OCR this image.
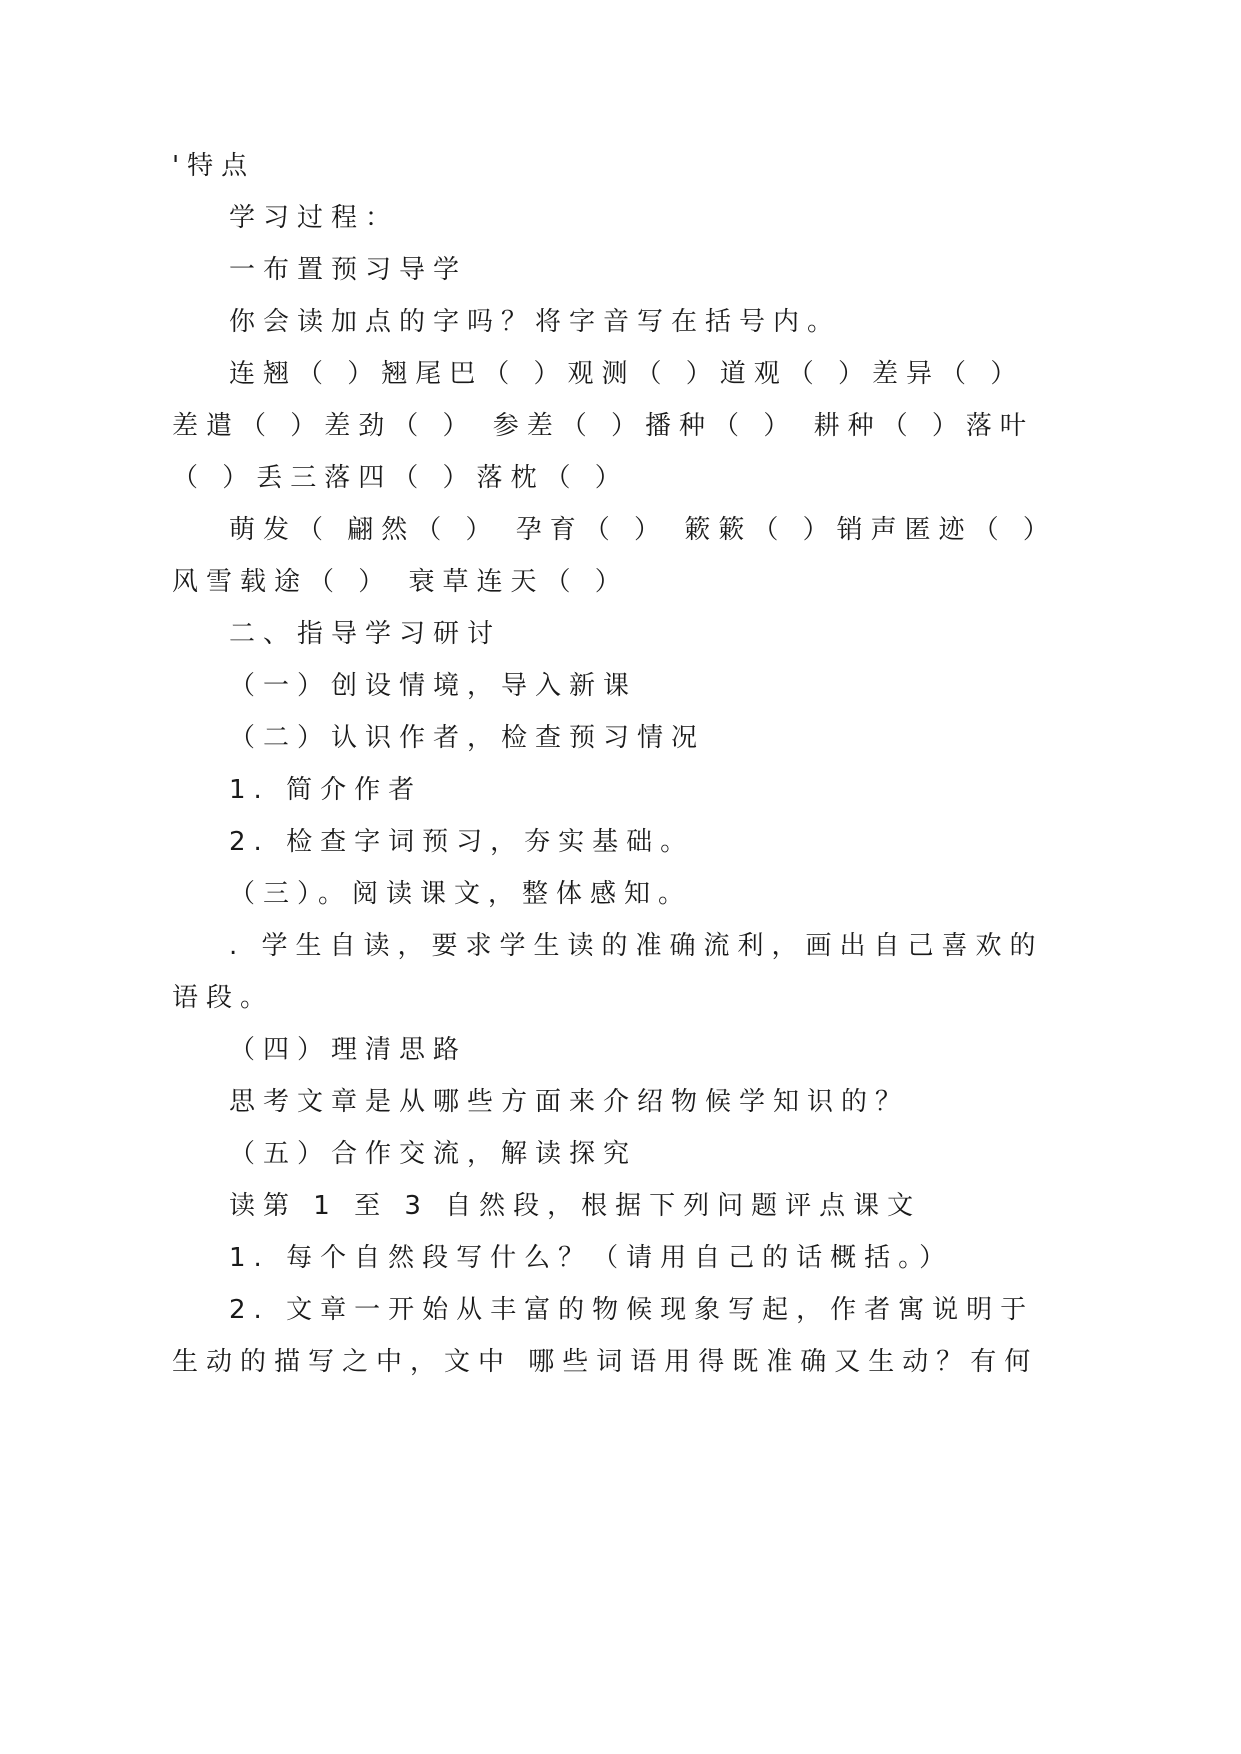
'特点
学习过程：
一布置预习导学
你会读加点的字吗？将字音写在括号内。
连翘（ ）翘尾巴（ ）观测（ ）道观（ ）差异（ ）
差遣（ ）差劲（ ） 参差（ ）播种（ ） 耕种（ ）落叶
（ ）丢三落四（ ）落枕（ ）
萌发（ 翩然（ ） 孕育（ ） 簌簌（ ）销声匿迹（ ）
风雪载途（ ） 衰草连天（ ）
二、指导学习研讨
（一）创设情境，导入新课
（二）认识作者，检查预习情况
1. 简介作者
2. 检查字词预习，夯实基础。
（三）。阅读课文，整体感知。
. 学生自读，要求学生读的准确流利，画出自己喜欢的
语段。
（四）理清思路
思考文章是从哪些方面来介绍物候学知识的？
（五）合作交流，解读探究
读第 1 至 3 自然段，根据下列问题评点课文
1. 每个自然段写什么？（请用自己的话概括。）
2. 文章一开始从丰富的物候现象写起，作者寓说明于
生动的描写之中，文中 哪些词语用得既准确又生动？有何
